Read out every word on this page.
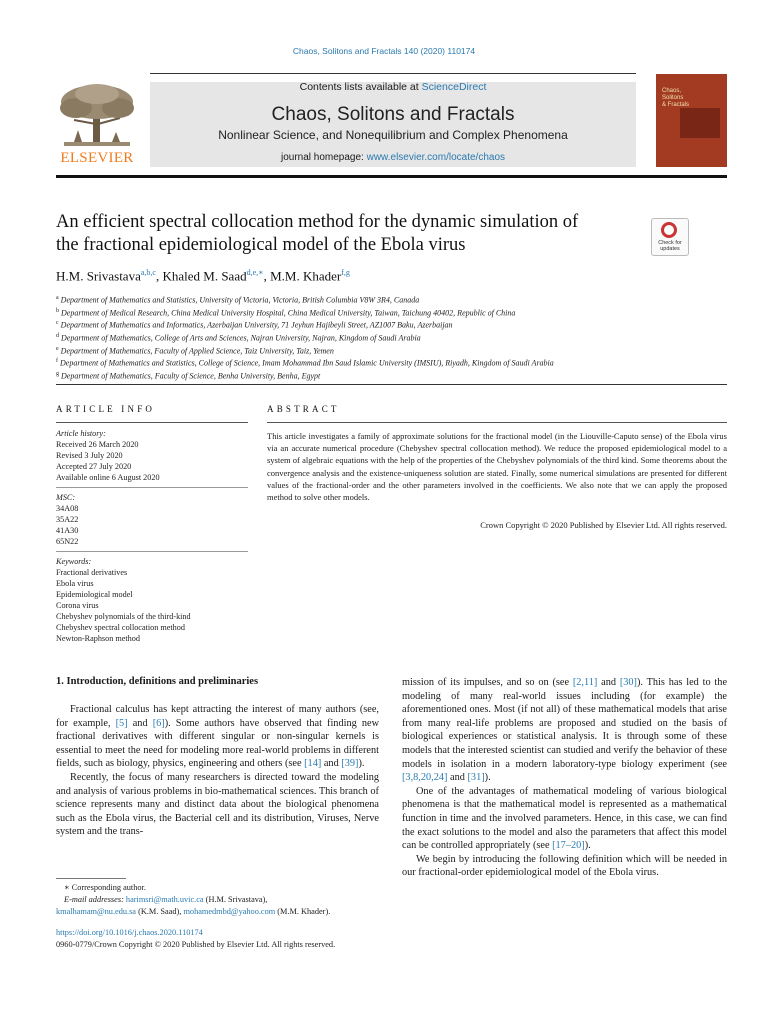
Chaos, Solitons and Fractals 140 (2020) 110174
ELSEVIER
Contents lists available at ScienceDirect
Chaos, Solitons and Fractals
Nonlinear Science, and Nonequilibrium and Complex Phenomena
journal homepage: www.elsevier.com/locate/chaos
Chaos,
Solitons
& Fractals
An efficient spectral collocation method for the dynamic simulation of
the fractional epidemiological model of the Ebola virus	Check for
updates
H.M. Srivastava$^{a,b,c}$, Khaled M. Saad$^{d,e,∗}$, M.M. Khader$^{f,g}$
$^a$ Department of Mathematics and Statistics, University of Victoria, Victoria, British Columbia V8W 3R4, Canada
$^b$ Department of Medical Research, China Medical University Hospital, China Medical University, Taiwan, Taichung 40402, Republic of China
$^c$ Department of Mathematics and Informatics, Azerbaijan University, 71 Jeyhun Hajibeyli Street, AZ1007 Baku, Azerbaijan
$^d$ Department of Mathematics, College of Arts and Sciences, Najran University, Najran, Kingdom of Saudi Arabia
$^e$ Department of Mathematics, Faculty of Applied Science, Taiz University, Taiz, Yemen
$^f$ Department of Mathematics and Statistics, College of Science, Imam Mohammad Ibn Saud Islamic University (IMSIU), Riyadh, Kingdom of Saudi Arabia
$^g$ Department of Mathematics, Faculty of Science, Benha University, Benha, Egypt
ARTICLE INFO	ABSTRACT
Article history:
Received 26 March 2020
Revised 3 July 2020
Accepted 27 July 2020
Available online 6 August 2020
MSC:
34A08
35A22
41A30
65N22
Keywords:
Fractional derivatives
Ebola virus
Epidemiological model
Corona virus
Chebyshev polynomials of the third-kind
Chebyshev spectral collocation method
Newton-Raphson method
This article investigates a family of approximate solutions for the fractional model (in the Liouville-Caputo sense) of the Ebola virus via an accurate numerical procedure (Chebyshev spectral collocation method). We reduce the proposed epidemiological model to a system of algebraic equations with the help of the properties of the Chebyshev polynomials of the third kind. Some theorems about the convergence analysis and the existence-uniqueness solution are stated. Finally, some numerical simulations are presented for different values of the fractional-order and the other parameters involved in the coefficients. We also note that we can apply the proposed method to solve other models.
Crown Copyright © 2020 Published by Elsevier Ltd. All rights reserved.
1. Introduction, definitions and preliminaries

Fractional calculus has kept attracting the interest of many authors (see, for example, [5] and [6]). Some authors have observed that finding new fractional derivatives with different singular or non-singular kernels is essential to meet the need for modeling more real-world problems in different fields, such as biology, physics, engineering and others (see [14] and [39]).

Recently, the focus of many researchers is directed toward the modeling and analysis of various problems in bio-mathematical sciences. This branch of science represents many and distinct data about the biological phenomena such as the Ebola virus, the Bacterial cell and its distribution, Viruses, Nerve system and the trans-

mission of its impulses, and so on (see [2,11] and [30]). This has led to the modeling of many real-world issues including (for example) the aforementioned ones. Most (if not all) of these mathematical models that arise from many real-life problems are proposed and studied on the basis of biological experiences or statistical analysis. It is through some of these models that the interested scientist can studied and verify the behavior of these models in isolation in a modern laboratory-type biology experiment (see [3,8,20,24] and [31]).

One of the advantages of mathematical modeling of various biological phenomena is that the mathematical model is represented as a mathematical function in time and the involved parameters. Hence, in this case, we can find the exact solutions to the model and also the parameters that affect this model can be controlled appropriately (see [17–20]).

We begin by introducing the following definition which will be needed in our fractional-order epidemiological model of the Ebola virus.

∗ Corresponding author.
E-mail addresses: harimsri@math.uvic.ca (H.M. Srivastava),
kmalhamam@nu.edu.sa (K.M. Saad), mohamedmbd@yahoo.com (M.M. Khader).
https://doi.org/10.1016/j.chaos.2020.110174
0960-0779/Crown Copyright © 2020 Published by Elsevier Ltd. All rights reserved.
